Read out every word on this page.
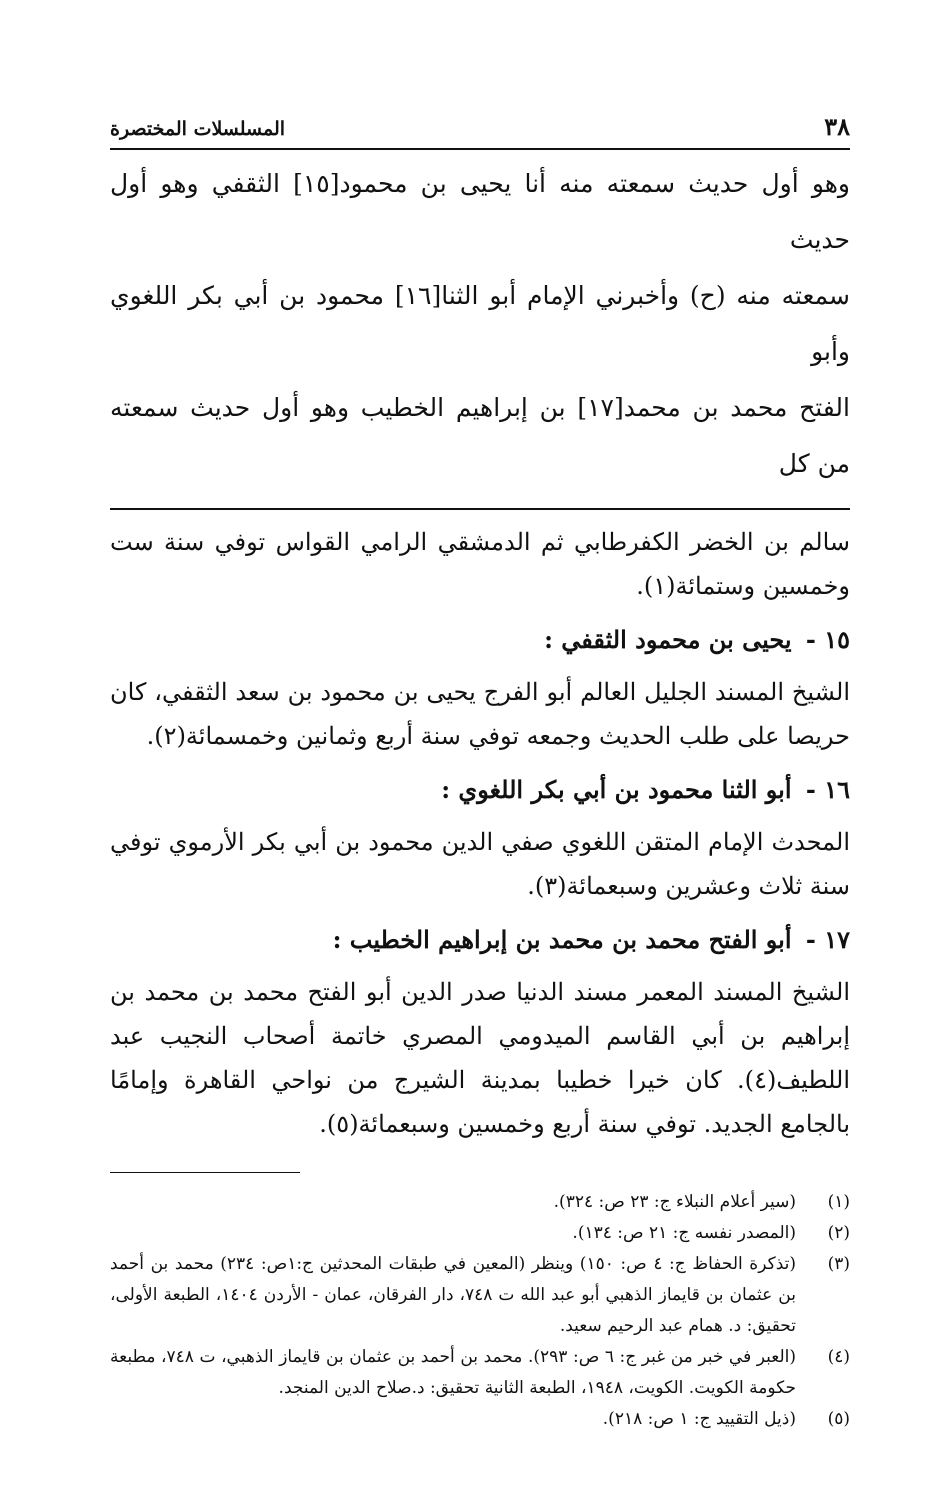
٣٨
المسلسلات المختصرة

وهو أول حديث سمعته منه أنا يحيى بن محمود[١٥] الثقفي وهو أول حديث

سمعته منه (ح) وأخبرني الإمام أبو الثنا[١٦] محمود بن أبي بكر اللغوي وأبو

الفتح محمد بن محمد[١٧] بن إبراهيم الخطيب وهو أول حديث سمعته من كل

سالم بن الخضر الكفرطابي ثم الدمشقي الرامي القواس توفي سنة ست وخمسين وستمائة(١).

١٥ - يحيى بن محمود الثقفي :

الشيخ المسند الجليل العالم أبو الفرج يحيى بن محمود بن سعد الثقفي، كان حريصا على طلب الحديث وجمعه توفي سنة أربع وثمانين وخمسمائة(٢).

١٦ - أبو الثنا محمود بن أبي بكر اللغوي :

المحدث الإمام المتقن اللغوي صفي الدين محمود بن أبي بكر الأرموي توفي سنة ثلاث وعشرين وسبعمائة(٣).

١٧ - أبو الفتح محمد بن محمد بن إبراهيم الخطيب :

الشيخ المسند المعمر مسند الدنيا صدر الدين أبو الفتح محمد بن محمد بن إبراهيم بن أبي القاسم الميدومي المصري خاتمة أصحاب النجيب عبد اللطيف(٤). كان خيرا خطيبا بمدينة الشيرج من نواحي القاهرة وإمامًا بالجامع الجديد. توفي سنة أربع وخمسين وسبعمائة(٥).

(١)
(سير أعلام النبلاء ج: ٢٣ ص: ٣٢٤).
(٢)
(المصدر نفسه ج: ٢١ ص: ١٣٤).
(٣)
(تذكرة الحفاظ ج: ٤ ص: ١٥٠) وينظر (المعين في طبقات المحدثين ج:١ص: ٢٣٤) محمد بن أحمد بن عثمان بن قايماز الذهبي أبو عبد الله ت ٧٤٨، دار الفرقان، عمان - الأردن ١٤٠٤، الطبعة الأولى، تحقيق: د. همام عبد الرحيم سعيد.
(٤)
(العبر في خبر من غبر ج: ٦ ص: ٢٩٣). محمد بن أحمد بن عثمان بن قايماز الذهبي، ت ٧٤٨، مطبعة حكومة الكويت. الكويت، ١٩٤٨، الطبعة الثانية تحقيق: د.صلاح الدين المنجد.
(٥)
(ذيل التقييد ج: ١ ص: ٢١٨).
